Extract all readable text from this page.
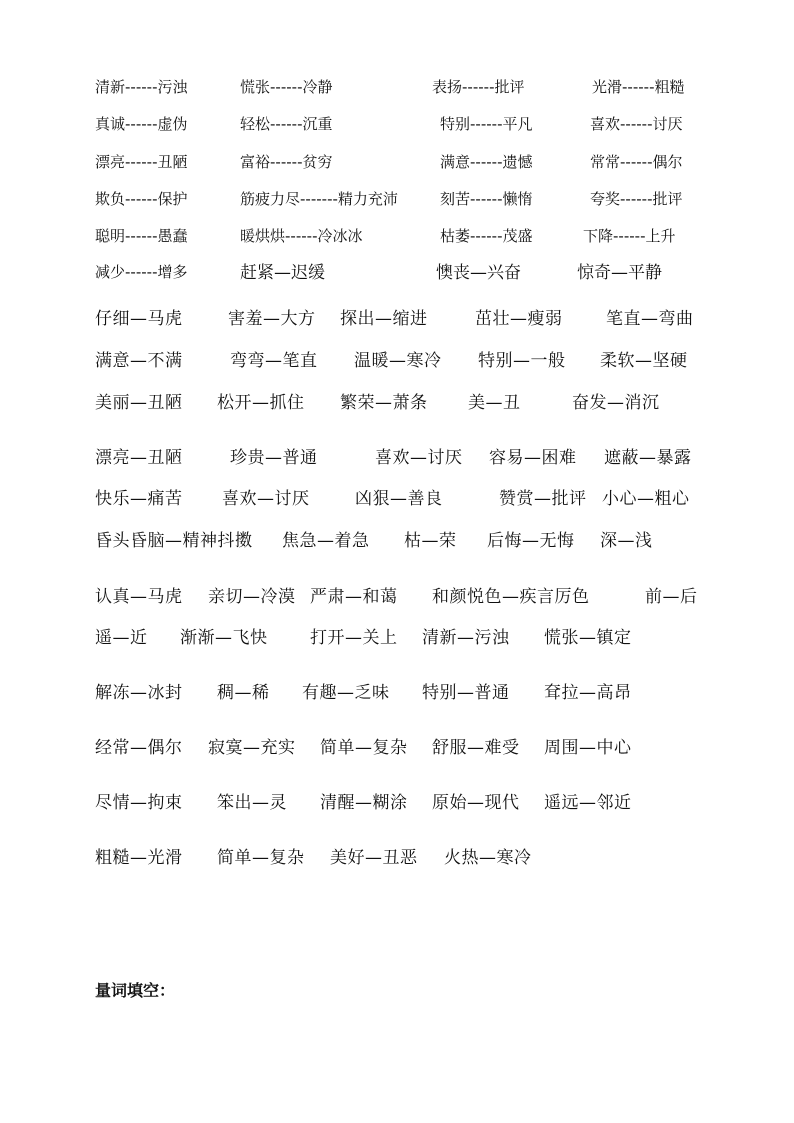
清新------污浊	慌张------冷静	表扬------批评	光滑------粗糙
真诚------虚伪	轻松------沉重	特别------平凡	喜欢------讨厌
漂亮------丑陋	富裕------贫穷	满意------遗憾	常常------偶尔
欺负------保护	筋疲力尽-------精力充沛	刻苦------懒惰	夸奖------批评
聪明------愚蠢	暖烘烘------冷冰冰	枯萎------茂盛	下降------上升
减少------增多	赶紧—迟缓	懊丧—兴奋	惊奇—平静
仔细—马虎	害羞—大方 探出—缩进	茁壮—瘦弱	笔直—弯曲
满意—不满	弯弯—笔直 温暖—寒冷 特别—一般 柔软—坚硬
美丽—丑陋 松开—抓住 繁荣—萧条 美—丑	奋发—消沉
漂亮—丑陋	珍贵—普通	喜欢—讨厌 容易—困难 遮蔽—暴露
快乐—痛苦 喜欢—讨厌	凶狠—善良	赞赏—批评 小心—粗心
昏头昏脑—精神抖擞 焦急—着急 枯—荣 后悔—无悔 深—浅
认真—马虎 亲切—冷漠 严肃—和蔼 和颜悦色—疾言厉色	前—后
遥—近 渐渐—飞快	打开—关上 清新—污浊 慌张—镇定
解冻—冰封 稠—稀 有趣—乏味 特别—普通 耷拉—高昂
经常—偶尔 寂寞—充实 简单—复杂 舒服—难受 周围—中心
尽情—拘束 笨出—灵 清醒—糊涂 原始—现代 遥远—邻近
粗糙—光滑 简单—复杂 美好—丑恶 火热—寒冷
量词填空：
